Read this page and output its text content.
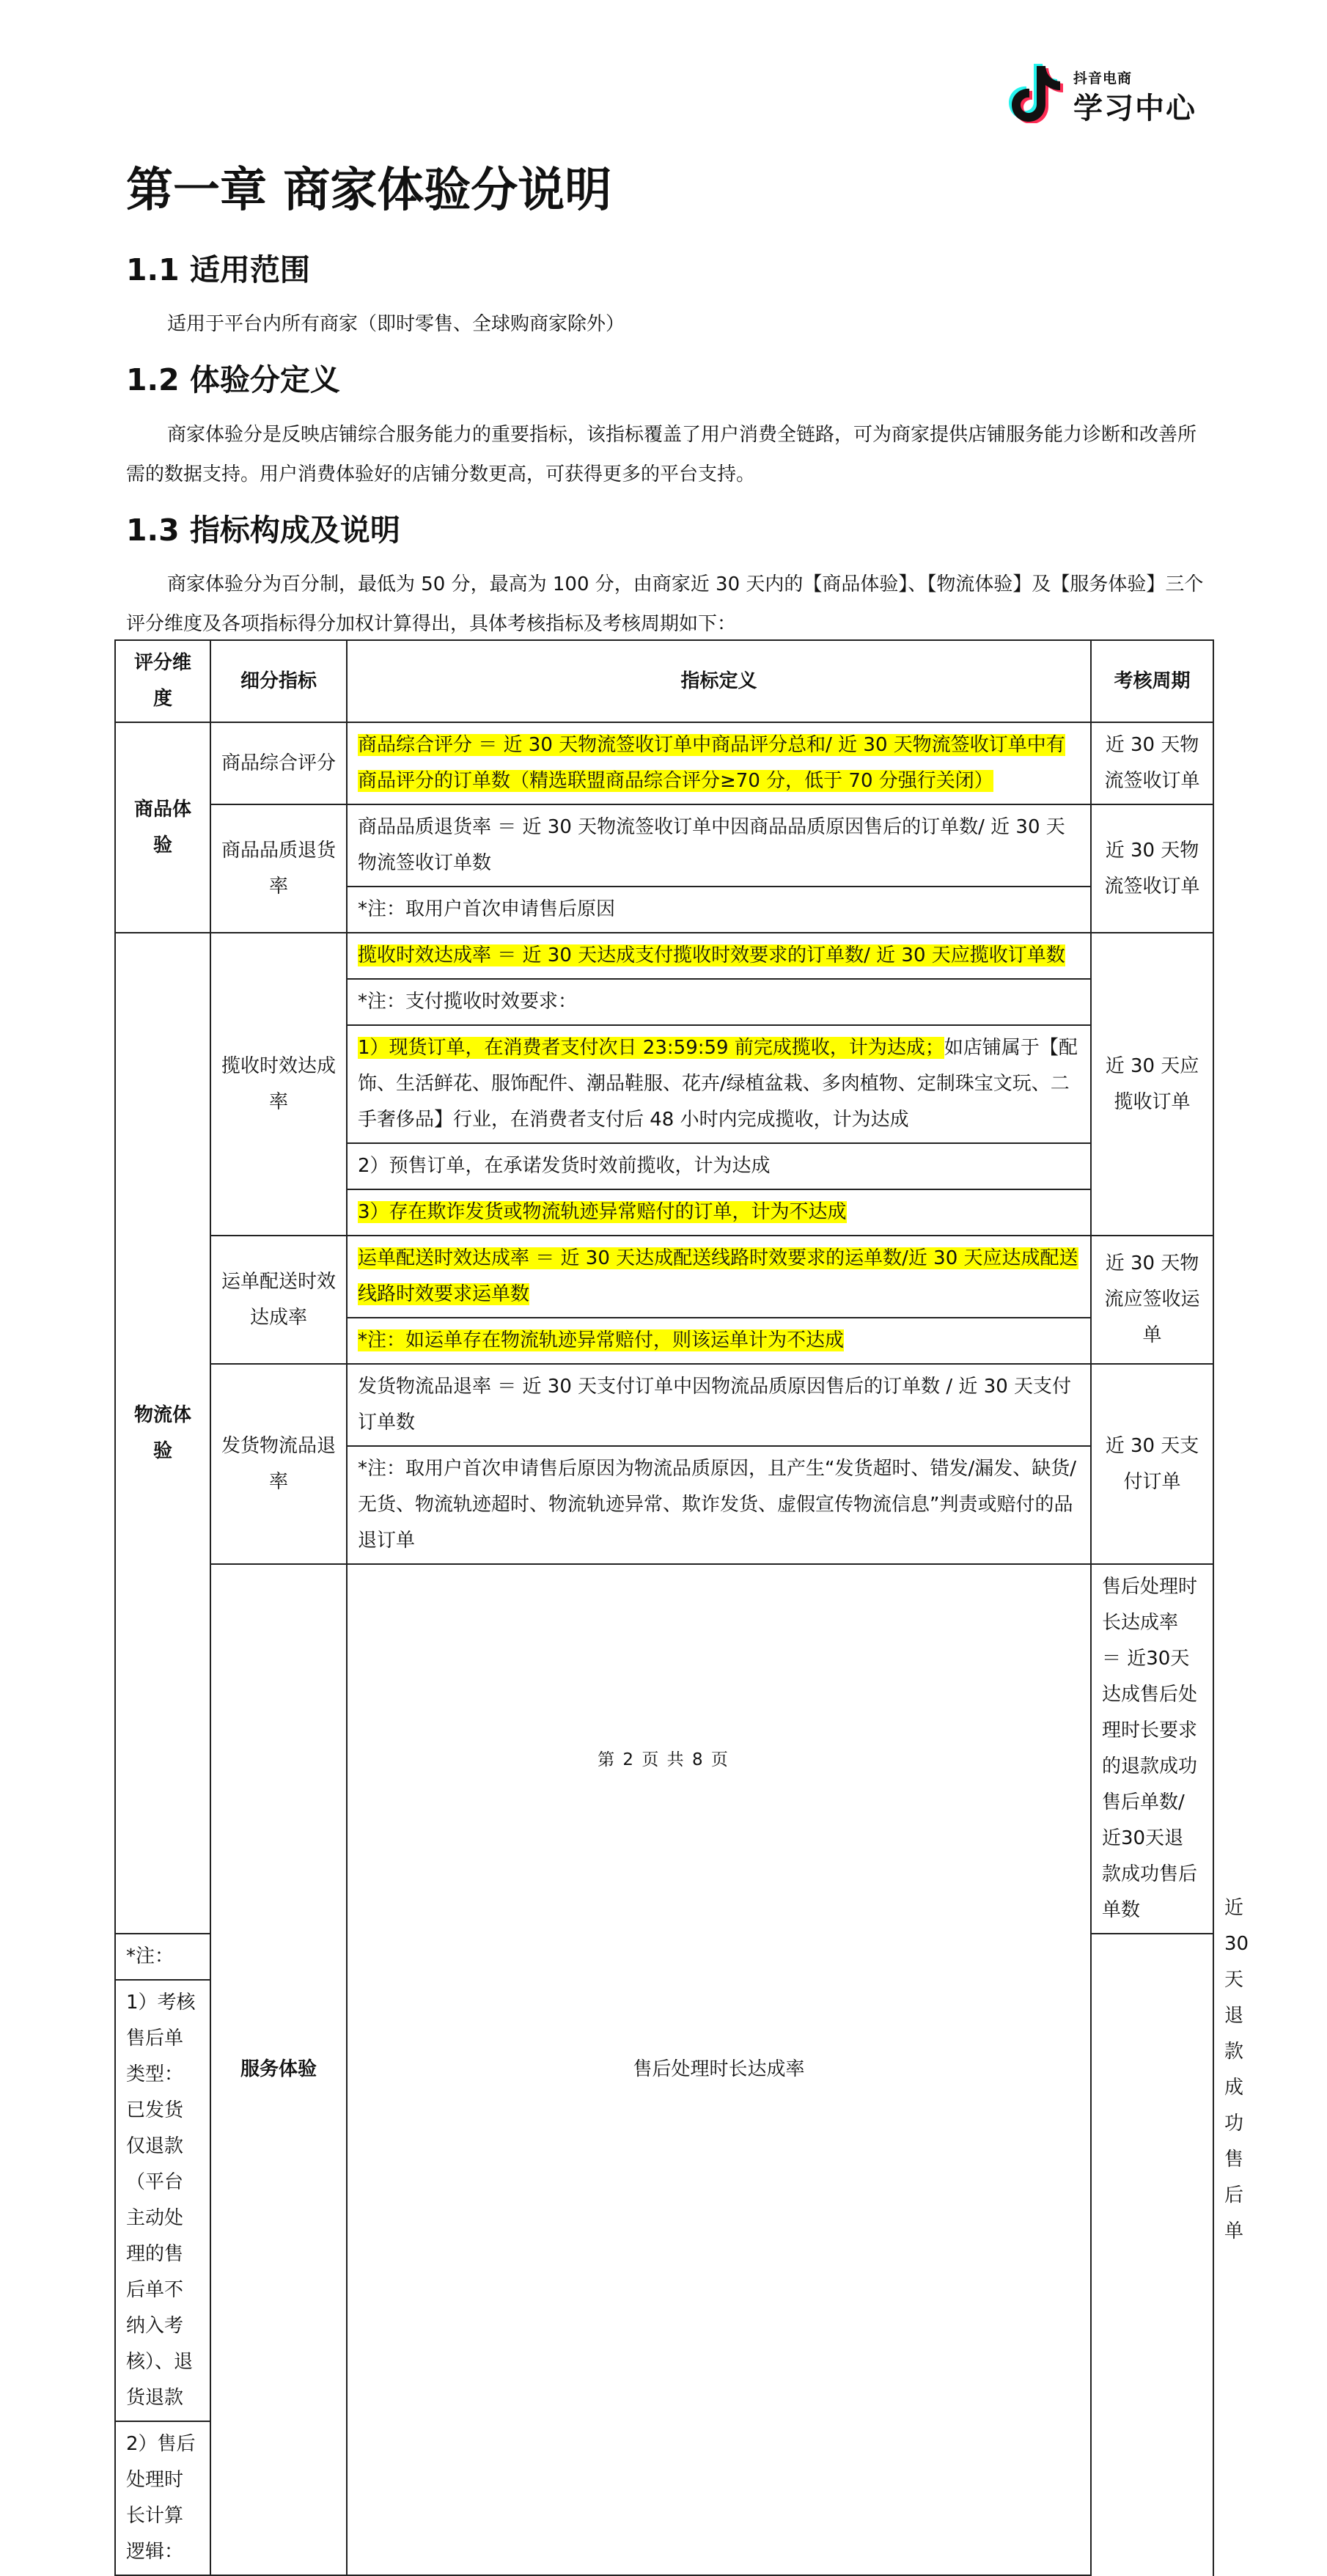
抖音电商
学习中心
第一章 商家体验分说明
1.1 适用范围

适用于平台内所有商家（即时零售、全球购商家除外）

1.2 体验分定义

商家体验分是反映店铺综合服务能力的重要指标，该指标覆盖了用户消费全链路，可为商家提供店铺服务能力诊断和改善所需的数据支持。用户消费体验好的店铺分数更高，可获得更多的平台支持。

1.3 指标构成及说明

商家体验分为百分制，最低为 50 分，最高为 100 分，由商家近 30 天内的【商品体验】、【物流体验】及【服务体验】三个评分维度及各项指标得分加权计算得出，具体考核指标及考核周期如下：

评分维度	细分指标	指标定义	考核周期	
商品体验	商品综合评分	商品综合评分 ＝ 近 30 天物流签收订单中商品评分总和/ 近 30 天物流签收订单中有商品评分的订单数（精选联盟商品综合评分≥70 分，低于 70 分强行关闭）	近 30 天物流签收订单	
	商品品质退货率	商品品质退货率 ＝ 近 30 天物流签收订单中因商品品质原因售后的订单数/ 近 30 天物流签收订单数	近 30 天物流签收订单	
		*注：取用户首次申请售后原因		
物流体验	揽收时效达成率	揽收时效达成率 ＝ 近 30 天达成支付揽收时效要求的订单数/ 近 30 天应揽收订单数	近 30 天应揽收订单	
		*注：支付揽收时效要求：		
		1）现货订单，在消费者支付次日 23:59:59 前完成揽收，计为达成；如店铺属于【配饰、生活鲜花、服饰配件、潮品鞋服、花卉/绿植盆栽、多肉植物、定制珠宝文玩、二手奢侈品】行业，在消费者支付后 48 小时内完成揽收，计为达成		
		2）预售订单，在承诺发货时效前揽收，计为达成		
		3）存在欺诈发货或物流轨迹异常赔付的订单，计为不达成		
	运单配送时效达成率	运单配送时效达成率 ＝ 近 30 天达成配送线路时效要求的运单数/近 30 天应达成配送线路时效要求运单数	近 30 天物流应签收运单	
		*注：如运单存在物流轨迹异常赔付，则该运单计为不达成		
	发货物流品退率	发货物流品退率 ＝ 近 30 天支付订单中因物流品质原因售后的订单数 / 近 30 天支付订单数	近 30 天支付订单	
		*注：取用户首次申请售后原因为物流品质原因，且产生“发货超时、错发/漏发、缺货/无货、物流轨迹超时、物流轨迹异常、欺诈发货、虚假宣传物流信息”判责或赔付的品退订单		
	服务体验	售后处理时长达成率	售后处理时长达成率 ＝ 近30天达成售后处理时长要求的退款成功售后单数/近30天退款成功售后单数	近 30 天退款成功售后单
*注：				
1）考核售后单类型：已发货仅退款（平台主动处理的售后单不纳入考核）、退货退款				
2）售后处理时长计算逻辑：				
第 2 页 共 8 页
